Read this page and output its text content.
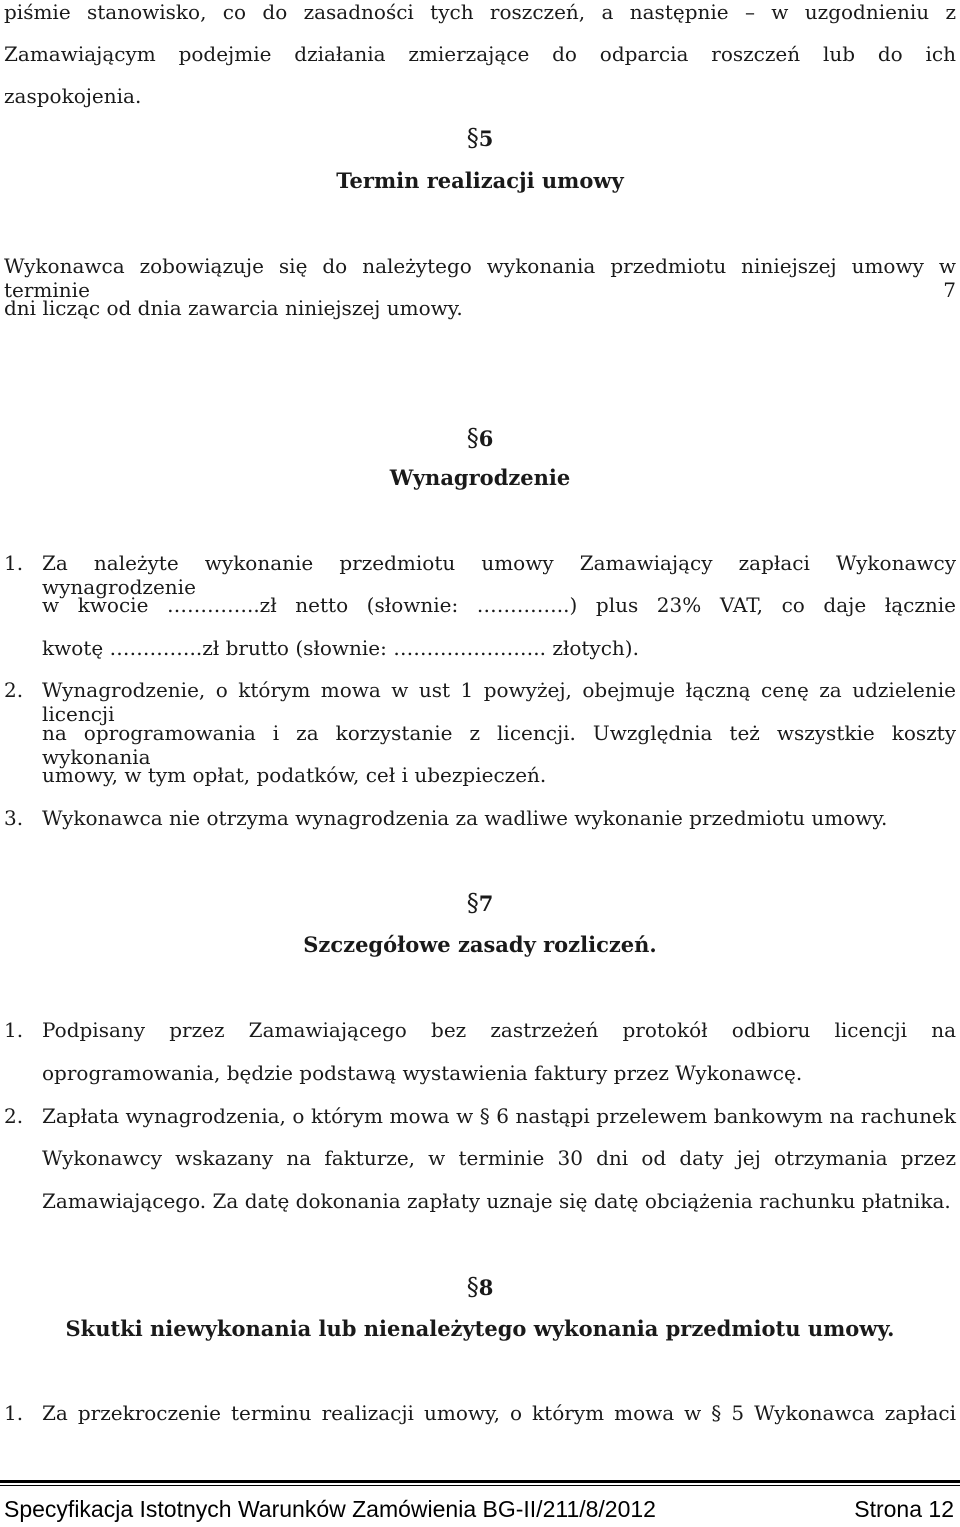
piśmie stanowisko, co do zasadności tych roszczeń, a następnie – w uzgodnieniu z
Zamawiającym podejmie działania zmierzające do odparcia roszczeń lub do ich
zaspokojenia.
§5
Termin realizacji umowy
Wykonawca zobowiązuje się do należytego wykonania przedmiotu niniejszej umowy w terminie 7
dni licząc od dnia zawarcia niniejszej umowy.
§6
Wynagrodzenie
1. Za należyte wykonanie przedmiotu umowy Zamawiający zapłaci Wykonawcy wynagrodzenie
w kwocie …………..zł netto (słownie: …………..) plus 23% VAT, co daje łącznie
kwotę …………..zł brutto (słownie: ………………….. złotych).
2. Wynagrodzenie, o którym mowa w ust 1 powyżej, obejmuje łączną cenę za udzielenie licencji
na oprogramowania i za korzystanie z licencji. Uwzględnia też wszystkie koszty wykonania
umowy, w tym opłat, podatków, ceł i ubezpieczeń.
3. Wykonawca nie otrzyma wynagrodzenia za wadliwe wykonanie przedmiotu umowy.
§7
Szczegółowe zasady rozliczeń.
1. Podpisany przez Zamawiającego bez zastrzeżeń protokół odbioru licencji na
oprogramowania, będzie podstawą wystawienia faktury przez Wykonawcę.
2. Zapłata wynagrodzenia, o którym mowa w § 6 nastąpi przelewem bankowym na rachunek
Wykonawcy wskazany na fakturze, w terminie 30 dni od daty jej otrzymania przez
Zamawiającego. Za datę dokonania zapłaty uznaje się datę obciążenia rachunku płatnika.
§8
Skutki niewykonania lub nienależytego wykonania przedmiotu umowy.
1. Za przekroczenie terminu realizacji umowy, o którym mowa w § 5 Wykonawca zapłaci
Specyfikacja Istotnych Warunków Zamówienia BG-II/211/8/2012	Strona 12
